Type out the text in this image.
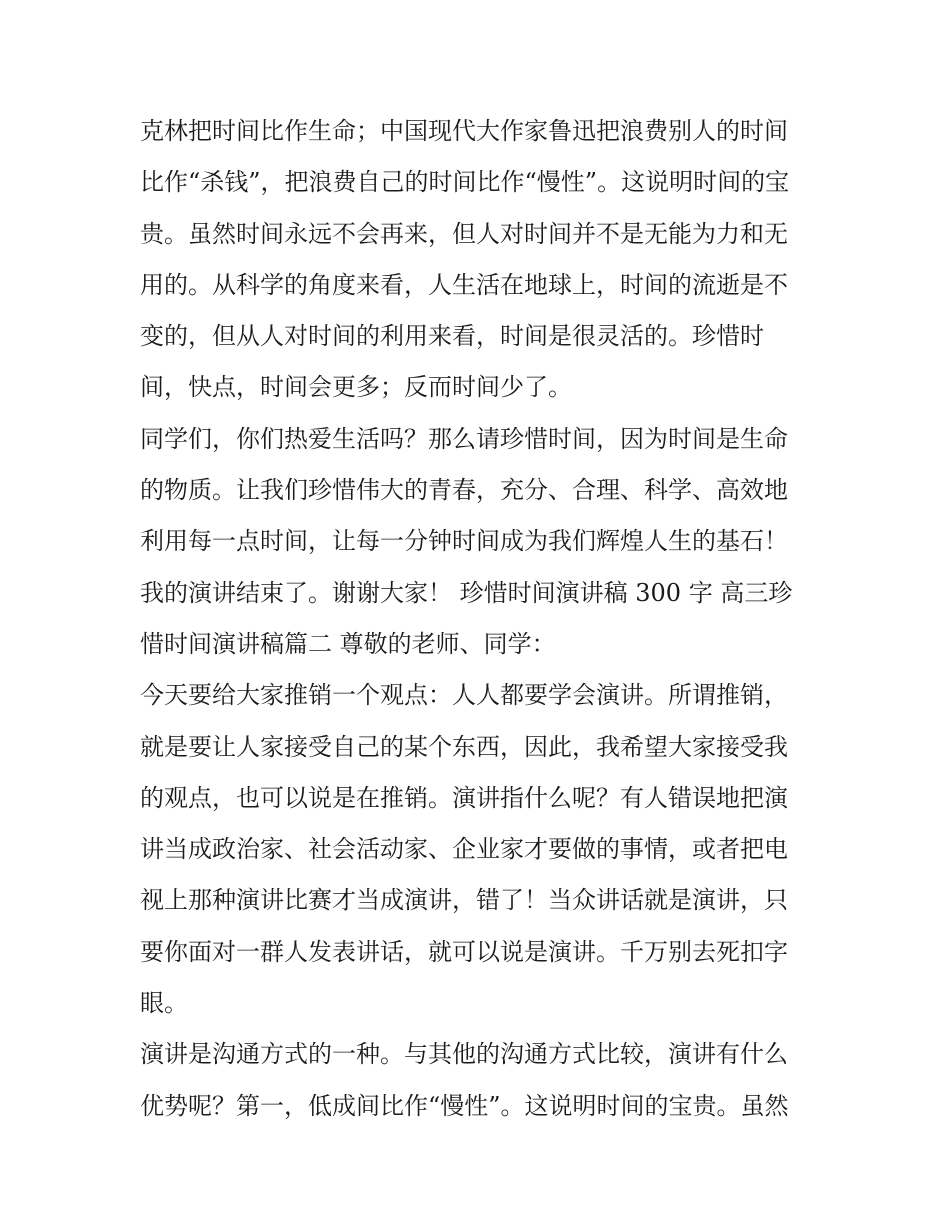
克林把时间比作生命；中国现代大作家鲁迅把浪费别人的时间
比作“杀钱”，把浪费自己的时间比作“慢性”。这说明时间的宝
贵。虽然时间永远不会再来，但人对时间并不是无能为力和无
用的。从科学的角度来看，人生活在地球上，时间的流逝是不
变的，但从人对时间的利用来看，时间是很灵活的。珍惜时
间，快点，时间会更多；反而时间少了。
同学们，你们热爱生活吗？那么请珍惜时间，因为时间是生命
的物质。让我们珍惜伟大的青春，充分、合理、科学、高效地
利用每一点时间，让每一分钟时间成为我们辉煌人生的基石！
我的演讲结束了。谢谢大家！ 珍惜时间演讲稿 300 字 高三珍
惜时间演讲稿篇二 尊敬的老师、同学：
今天要给大家推销一个观点：人人都要学会演讲。所谓推销，
就是要让人家接受自己的某个东西，因此，我希望大家接受我
的观点，也可以说是在推销。演讲指什么呢？有人错误地把演
讲当成政治家、社会活动家、企业家才要做的事情，或者把电
视上那种演讲比赛才当成演讲，错了！当众讲话就是演讲，只
要你面对一群人发表讲话，就可以说是演讲。千万别去死扣字
眼。
演讲是沟通方式的一种。与其他的沟通方式比较，演讲有什么
优势呢？第一，低成间比作“慢性”。这说明时间的宝贵。虽然
